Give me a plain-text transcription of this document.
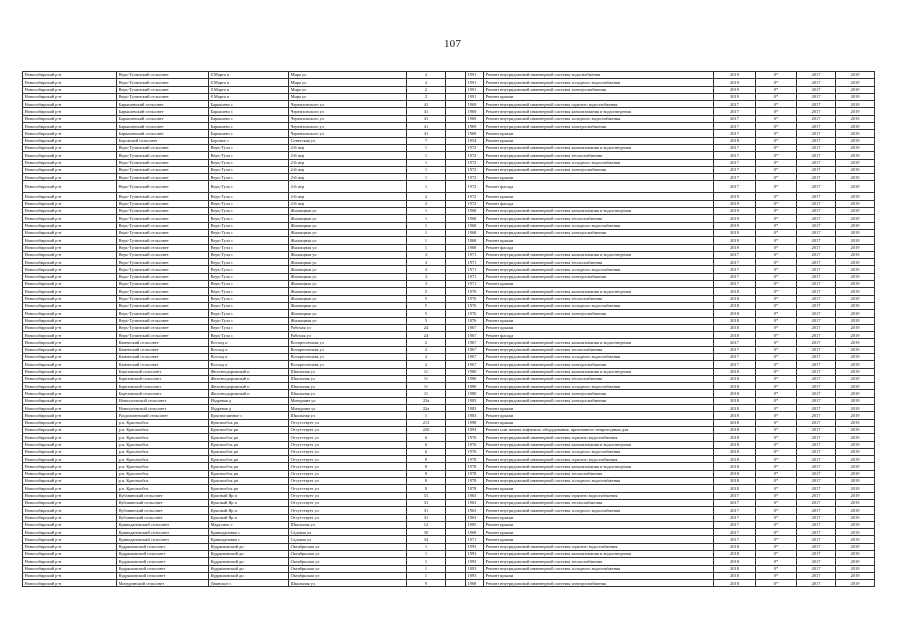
107
Новосибирский р-н	Верх-Тулинский сельсовет	8 Марта п	Мира ул	2		1991	Ремонт внутридомовой инженерной системы водоснабжения	2019	0*	2017	2019
Новосибирский р-н	Верх-Тулинский сельсовет	8 Марта п	Мира ул	2		1991	Ремонт внутридомовой инженерной системы холодного водоснабжения	2019	0*	2017	2019
Новосибирский р-н	Верх-Тулинский сельсовет	8 Марта п	Мира ул	2		1991	Ремонт внутридомовой инженерной системы электроснабжения	2019	0*	2017	2019
Новосибирский р-н	Верх-Тулинский сельсовет	8 Марта п	Мира ул	2		1991	Ремонт крыши	2019	0*	2017	2019
Новосибирский р-н	Барышевский сельсовет	Барышево с	Черемховского ул	41		1969	Ремонт внутридомовой инженерной системы горячего водоснабжения	2017	0*	2017	2019
Новосибирский р-н	Барышевский сельсовет	Барышево с	Черемховского ул	41		1969	Ремонт внутридомовой инженерной системы канализования и водоотведения	2017	0*	2017	2019
Новосибирский р-н	Барышевский сельсовет	Барышево с	Черемховского ул	41		1969	Ремонт внутридомовой инженерной системы холодного водоснабжения	2017	0*	2017	2019
Новосибирский р-н	Барышевский сельсовет	Барышево с	Черемховского ул	41		1969	Ремонт внутридомовой инженерной системы электроснабжения	2017	0*	2017	2019
Новосибирский р-н	Барышевский сельсовет	Барышево с	Черемховского ул	41		1969	Ремонт крыши	2017	0*	2017	2019
Новосибирский р-н	Боровской сельсовет	Боровое с	Советская ул	7		1954	Ремонт крыши	2018	0*	2017	2019
Новосибирский р-н	Верх-Тулинский сельсовет	Верх-Тула с	2-й пер	1		1972	Ремонт внутридомовой инженерной системы канализования и водоотведения	2017	0*	2017	2019
Новосибирский р-н	Верх-Тулинский сельсовет	Верх-Тула с	2-й пер	1		1972	Ремонт внутридомовой инженерной системы теплоснабжения	2017	0*	2017	2019
Новосибирский р-н	Верх-Тулинский сельсовет	Верх-Тула с	2-й пер	1		1972	Ремонт внутридомовой инженерной системы холодного водоснабжения	2017	0*	2017	2019
Новосибирский р-н	Верх-Тулинский сельсовет	Верх-Тула с	2-й пер	1		1972	Ремонт внутридомовой инженерной системы электроснабжения	2017	0*	2017	2019
Новосибирский р-н	Верх-Тулинский сельсовет	Верх-Тула с	2-й пер	1		1972	Ремонт крыши	2017	0*	2017	2019
Новосибирский р-н	Верх-Тулинский сельсовет	Верх-Тула с	2-й пер	1		1972	Ремонт фасада	2017	0*	2017	2019
Новосибирский р-н	Верх-Тулинский сельсовет	Верх-Тула с	2-й пер	2		1972	Ремонт крыши	2019	0*	2017	2019
Новосибирский р-н	Верх-Тулинский сельсовет	Верх-Тула с	2-й пер	2		1972	Ремонт фасада	2019	0*	2017	2019
Новосибирский р-н	Верх-Тулинский сельсовет	Верх-Тула с	Жилищная ул	1		1968	Ремонт внутридомовой инженерной системы канализования и водоотведения	2019	0*	2017	2019
Новосибирский р-н	Верх-Тулинский сельсовет	Верх-Тула с	Жилищная ул	1		1968	Ремонт внутридомовой инженерной системы теплоснабжения	2019	0*	2017	2019
Новосибирский р-н	Верх-Тулинский сельсовет	Верх-Тула с	Жилищная ул	1		1968	Ремонт внутридомовой инженерной системы холодного водоснабжения	2019	0*	2017	2019
Новосибирский р-н	Верх-Тулинский сельсовет	Верх-Тула с	Жилищная ул	1		1968	Ремонт внутридомовой инженерной системы электроснабжения	2019	0*	2017	2019
Новосибирский р-н	Верх-Тулинский сельсовет	Верх-Тула с	Жилищная ул	1		1968	Ремонт крыши	2019	0*	2017	2019
Новосибирский р-н	Верх-Тулинский сельсовет	Верх-Тула с	Жилищная ул	1		1968	Ремонт фасада	2019	0*	2017	2019
Новосибирский р-н	Верх-Тулинский сельсовет	Верх-Тула с	Жилищная ул	3		1971	Ремонт внутридомовой инженерной системы канализования и водоотведения	2017	0*	2017	2019
Новосибирский р-н	Верх-Тулинский сельсовет	Верх-Тула с	Жилищная ул	3		1971	Ремонт внутридомовой инженерной системы теплоснабжения	2017	0*	2017	2019
Новосибирский р-н	Верх-Тулинский сельсовет	Верх-Тула с	Жилищная ул	3		1971	Ремонт внутридомовой инженерной системы холодного водоснабжения	2017	0*	2017	2019
Новосибирский р-н	Верх-Тулинский сельсовет	Верх-Тула с	Жилищная ул	3		1971	Ремонт внутридомовой инженерной системы электроснабжения	2017	0*	2017	2019
Новосибирский р-н	Верх-Тулинский сельсовет	Верх-Тула с	Жилищная ул	3		1971	Ремонт крыши	2017	0*	2017	2019
Новосибирский р-н	Верх-Тулинский сельсовет	Верх-Тула с	Жилищная ул	5		1976	Ремонт внутридомовой инженерной системы канализования и водоотведения	2018	0*	2017	2019
Новосибирский р-н	Верх-Тулинский сельсовет	Верх-Тула с	Жилищная ул	5		1976	Ремонт внутридомовой инженерной системы теплоснабжения	2018	0*	2017	2019
Новосибирский р-н	Верх-Тулинский сельсовет	Верх-Тула с	Жилищная ул	5		1976	Ремонт внутридомовой инженерной системы холодного водоснабжения	2018	0*	2017	2019
Новосибирский р-н	Верх-Тулинский сельсовет	Верх-Тула с	Жилищная ул	5		1976	Ремонт внутридомовой инженерной системы электроснабжения	2018	0*	2017	2019
Новосибирский р-н	Верх-Тулинский сельсовет	Верх-Тула с	Жилищная ул	5		1976	Ремонт крыши	2018	0*	2017	2019
Новосибирский р-н	Верх-Тулинский сельсовет	Верх-Тула с	Рабочая ул	24		1967	Ремонт крыши	2018	0*	2017	2019
Новосибирский р-н	Верх-Тулинский сельсовет	Верх-Тула с	Рабочая ул	24		1967	Ремонт фасада	2018	0*	2017	2019
Новосибирский р-н	Каменский сельсовет	Восход п	Воскресенская ул	2		1967	Ремонт внутридомовой инженерной системы канализования и водоотведения	2017	0*	2017	2019
Новосибирский р-н	Каменский сельсовет	Восход п	Воскресенская ул	2		1967	Ремонт внутридомовой инженерной системы теплоснабжения	2017	0*	2017	2019
Новосибирский р-н	Каменский сельсовет	Восход п	Воскресенская ул	2		1967	Ремонт внутридомовой инженерной системы холодного водоснабжения	2017	0*	2017	2019
Новосибирский р-н	Каменский сельсовет	Восход п	Воскресенская ул	2		1967	Ремонт внутридомовой инженерной системы электроснабжения	2017	0*	2017	2019
Новосибирский р-н	Березовский сельсовет	Железнодорожный п	Школьная ул	11		1980	Ремонт внутридомовой инженерной системы канализования и водоотведения	2018	0*	2017	2019
Новосибирский р-н	Березовский сельсовет	Железнодорожный п	Школьная ул	11		1980	Ремонт внутридомовой инженерной системы теплоснабжения	2018	0*	2017	2019
Новосибирский р-н	Березовский сельсовет	Железнодорожный п	Школьная ул	11		1980	Ремонт внутридомовой инженерной системы холодного водоснабжения	2018	0*	2017	2019
Новосибирский р-н	Березовский сельсовет	Железнодорожный п	Школьная ул	11		1980	Ремонт внутридомовой инженерной системы электроснабжения	2018	0*	2017	2019
Новосибирский р-н	Новолуговской сельсовет	Издревая д	Мичурина ул	22а		1983	Ремонт внутридомовой инженерной системы электроснабжения	2018	0*	2017	2019
Новосибирский р-н	Новолуговской сельсовет	Издревая д	Мичурина ул	22а		1983	Ремонт крыши	2018	0*	2017	2019
Новосибирский р-н	Раздольненский сельсовет	Красноглинное с	Школьная ул	1		1983	Ремонт крыши	2019	0*	2017	2019
Новосибирский р-н	р.п. Краснообск	Краснообск рп	Отсутствует ул	213		1998	Ремонт крыши	2018	0*	2017	2019
Новосибирский р-н	р.п. Краснообск	Краснообск рп	Отсутствует ул	220		1994	Ремонт или замена лифтового оборудования, признанного непригодным для	2018	0*	2017	2019
Новосибирский р-н	р.п. Краснообск	Краснообск рп	Отсутствует ул	6		1976	Ремонт внутридомовой инженерной системы горячего водоснабжения	2018	0*	2017	2019
Новосибирский р-н	р.п. Краснообск	Краснообск рп	Отсутствует ул	6		1976	Ремонт внутридомовой инженерной системы канализования и водоотведения	2018	0*	2017	2019
Новосибирский р-н	р.п. Краснообск	Краснообск рп	Отсутствует ул	6		1976	Ремонт внутридомовой инженерной системы холодного водоснабжения	2018	0*	2017	2019
Новосибирский р-н	р.п. Краснообск	Краснообск рп	Отсутствует ул	8		1978	Ремонт внутридомовой инженерной системы горячего водоснабжения	2018	0*	2017	2019
Новосибирский р-н	р.п. Краснообск	Краснообск рп	Отсутствует ул	8		1978	Ремонт внутридомовой инженерной системы канализования и водоотведения	2018	0*	2017	2019
Новосибирский р-н	р.п. Краснообск	Краснообск рп	Отсутствует ул	8		1978	Ремонт внутридомовой инженерной системы теплоснабжения	2018	0*	2017	2019
Новосибирский р-н	р.п. Краснообск	Краснообск рп	Отсутствует ул	8		1978	Ремонт внутридомовой инженерной системы холодного водоснабжения	2018	0*	2017	2019
Новосибирский р-н	р.п. Краснообск	Краснообск рп	Отсутствует ул	8		1978	Ремонт крыши	2018	0*	2017	2019
Новосибирский р-н	Кубовинский сельсовет	Красный Яр п	Отсутствует ул	31		1963	Ремонт внутридомовой инженерной системы горячего водоснабжения	2017	0*	2017	2019
Новосибирский р-н	Кубовинский сельсовет	Красный Яр п	Отсутствует ул	31		1963	Ремонт внутридомовой инженерной системы теплоснабжения	2017	0*	2017	2019
Новосибирский р-н	Кубовинский сельсовет	Красный Яр п	Отсутствует ул	31		1963	Ремонт внутридомовой инженерной системы холодного водоснабжения	2017	0*	2017	2019
Новосибирский р-н	Кубовинский сельсовет	Красный Яр п	Отсутствует ул	31		1963	Ремонт крыши	2017	0*	2017	2019
Новосибирский р-н	Криводановский сельсовет	Марусино с	Школьная ул	12		1985	Ремонт крыши	2017	0*	2017	2019
Новосибирский р-н	Криводановский сельсовет	Криводановка с	Садовая ул	30		1968	Ремонт крыши	2017	0*	2017	2019
Новосибирский р-н	Криводановский сельсовет	Криводановка с	Садовая ул	34		1971	Ремонт крыши	2017	0*	2017	2019
Новосибирский р-н	Кудряшовский сельсовет	Кудряшовский дп	Октябрьская ул	1		1993	Ремонт внутридомовой инженерной системы горячего водоснабжения	2018	0*	2017	2019
Новосибирский р-н	Кудряшовский сельсовет	Кудряшовский дп	Октябрьская ул	1		1993	Ремонт внутридомовой инженерной системы канализования и водоотведения	2018	0*	2017	2019
Новосибирский р-н	Кудряшовский сельсовет	Кудряшовский дп	Октябрьская ул	1		1993	Ремонт внутридомовой инженерной системы теплоснабжения	2018	0*	2017	2019
Новосибирский р-н	Кудряшовский сельсовет	Кудряшовский дп	Октябрьская ул	1		1993	Ремонт внутридомовой инженерной системы холодного водоснабжения	2018	0*	2017	2019
Новосибирский р-н	Кудряшовский сельсовет	Кудряшовский дп	Октябрьская ул	1		1993	Ремонт крыши	2018	0*	2017	2019
Новосибирский р-н	Мичуринский сельсовет	Двинское с	Школьная ул	9		1968	Ремонт внутридомовой инженерной системы электроснабжения	2018	0*	2017	2019
